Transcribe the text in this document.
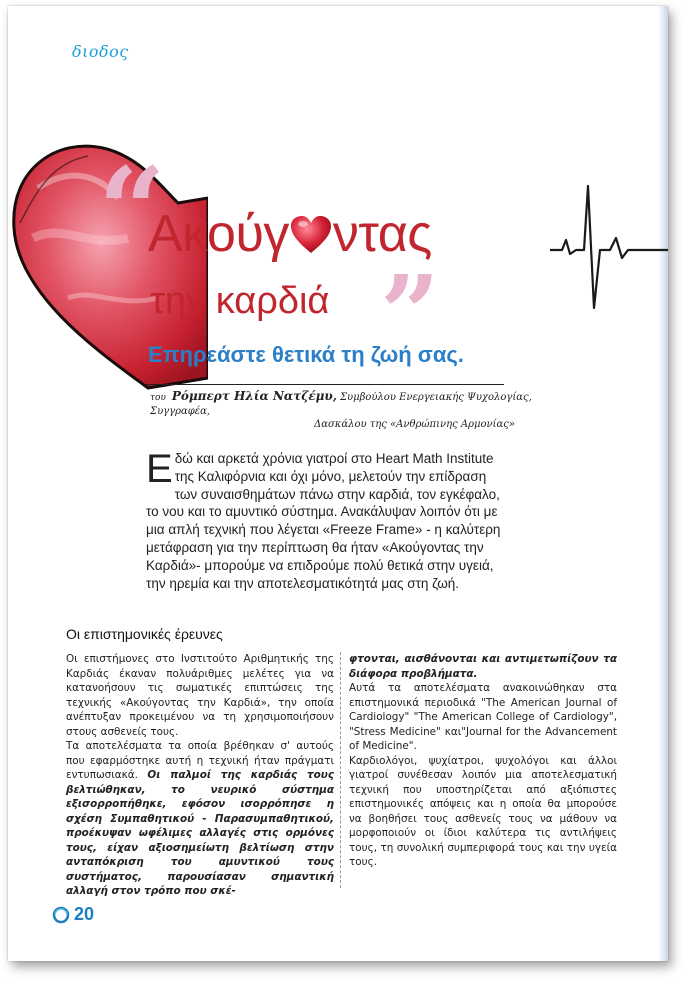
διοδος
“
Ακούγ ντας
την καρδιά ”
Επηρεάστε θετικά τη ζωή σας.
του Ρόμπερτ Ηλία Νατζέμυ, Συμβούλου Ενεργειακής Ψυχολογίας, Συγγραφέα,
Δασκάλου της «Ανθρώπινης Αρμονίας»
Εδώ και αρκετά χρόνια γιατροί στο Heart Math Institute της Καλιφόρνια και όχι μόνο, μελετούν την επίδραση των συναισθημάτων πάνω στην καρδιά, τον εγκέφαλο, το νου και το αμυντικό σύστημα. Ανακάλυψαν λοιπόν ότι με μια απλή τεχνική που λέγεται «Freeze Frame» - η καλύτερη μετάφραση για την περίπτωση θα ήταν «Ακούγοντας την Καρδιά»- μπορούμε να επιδρούμε πολύ θετικά στην υγειά, την ηρεμία και την αποτελεσματικότητά μας στη ζωή.
Οι επιστημονικές έρευνες

Οι επιστήμονες στο Ινστιτούτο Αριθμητικής της Καρδιάς έκαναν πολυάριθμες μελέτες για να κατανοήσουν τις σωματικές επιπτώσεις της τεχνικής «Ακούγοντας την Καρδιά», την οποία ανέπτυξαν προκειμένου να τη χρησιμοποιήσουν στους ασθενείς τους.

Τα αποτελέσματα τα οποία βρέθηκαν σ' αυτούς που εφαρμόστηκε αυτή η τεχνική ήταν πράγματι εντυπωσιακά. Οι παλμοί της καρδιάς τους βελτιώθηκαν, το νευρικό σύστημα εξισορροπήθηκε, εφόσον ισορρόπησε η σχέση Συμπαθητικού - Παρασυμπαθητικού, προέκυψαν ωφέλιμες αλλαγές στις ορμόνες τους, είχαν αξιοσημείωτη βελτίωση στην ανταπόκριση του αμυντικού τους συστήματος, παρουσίασαν σημαντική αλλαγή στον τρόπο που σκέ-

φτονται, αισθάνονται και αντιμετωπίζουν τα διάφορα προβλήματα.

Αυτά τα αποτελέσματα ανακοινώθηκαν στα επιστημονικά περιοδικά "The American Journal of Cardiology" "The American College of Cardiology", "Stress Medicine" και"Journal for the Advancement of Medicine".

Καρδιολόγοι, ψυχίατροι, ψυχολόγοι και άλλοι γιατροί συνέθεσαν λοιπόν μια αποτελεσματική τεχνική που υποστηρίζεται από αξιόπιστες επιστημονικές απόψεις και η οποία θα μπορούσε να βοηθήσει τους ασθενείς τους να μάθουν να μορφοποιούν οι ίδιοι καλύτερα τις αντιλήψεις τους, τη συνολική συμπεριφορά τους και την υγεία τους.

20
